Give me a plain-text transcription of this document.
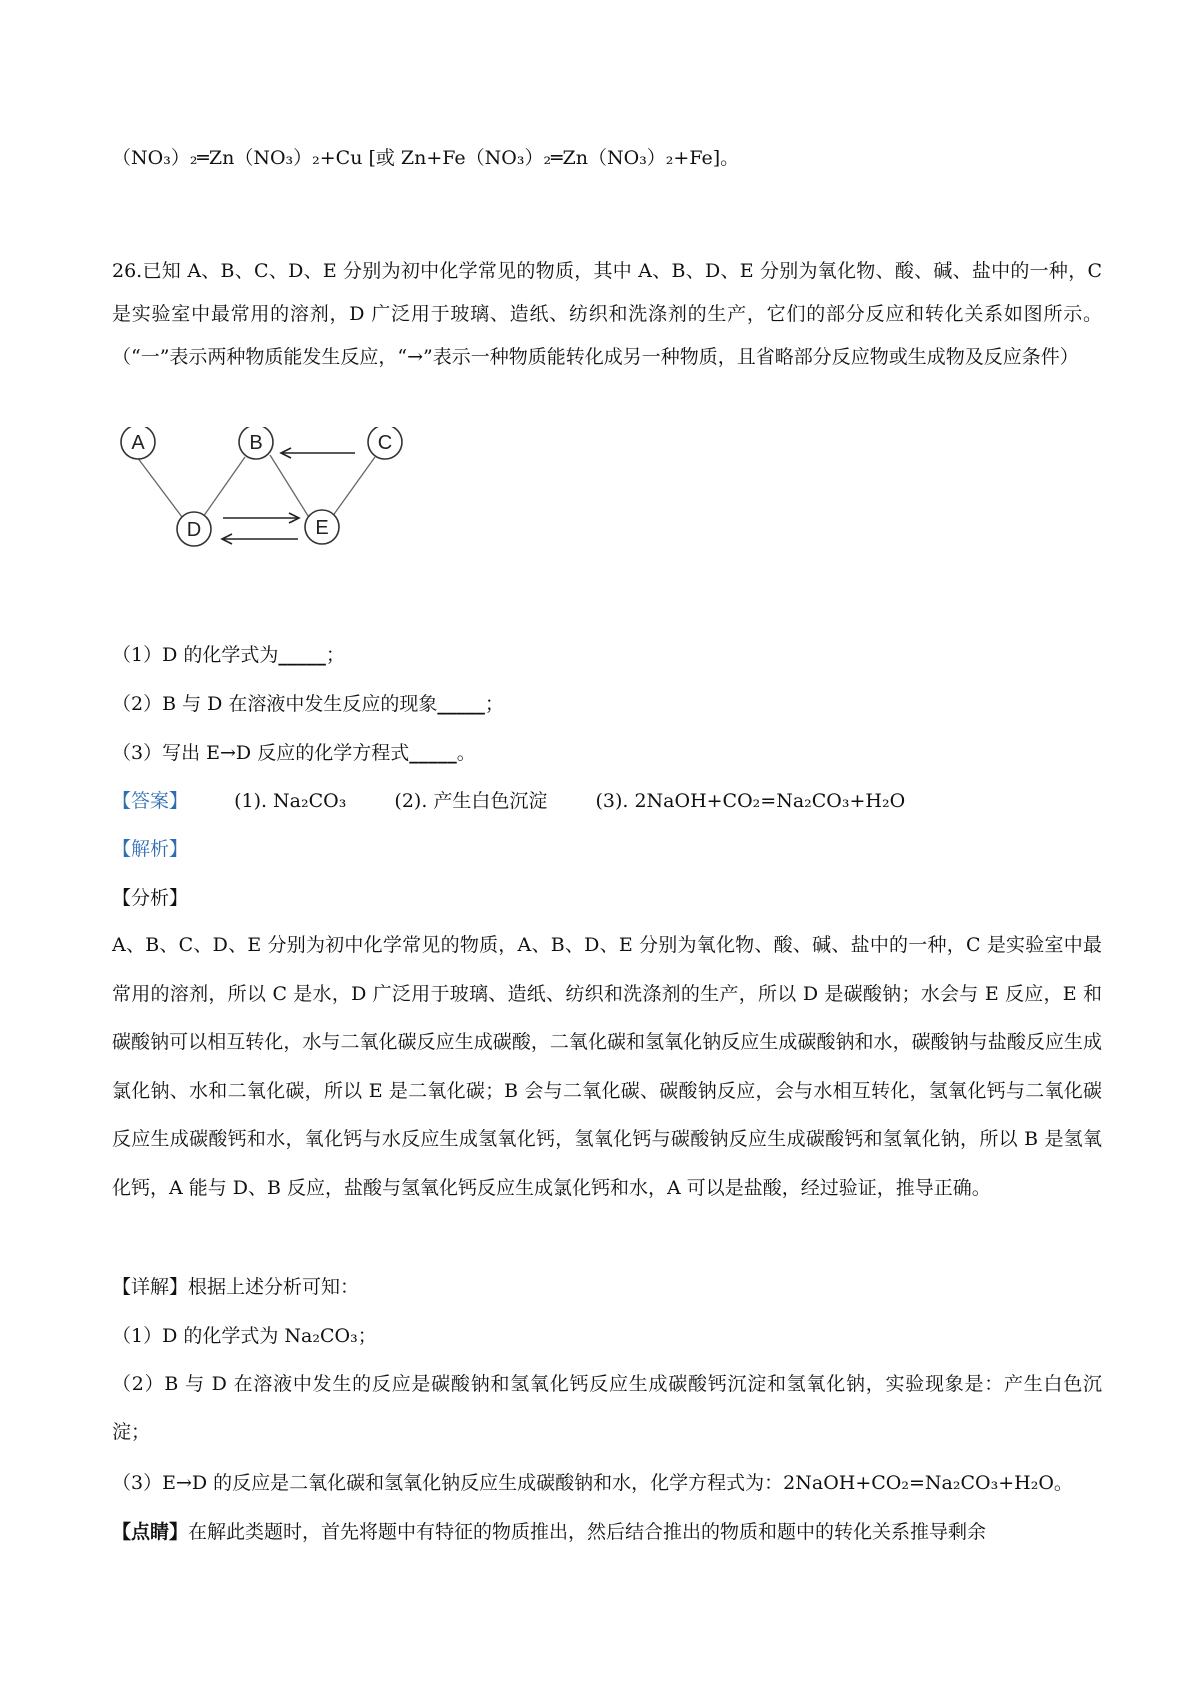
（NO₃）₂═Zn（NO₃）₂+Cu [或 Zn+Fe（NO₃）₂═Zn（NO₃）₂+Fe]。
26.已知 A、B、C、D、E 分别为初中化学常见的物质，其中 A、B、D、E 分别为氧化物、酸、碱、盐中的一种，C 是实验室中最常用的溶剂，D 广泛用于玻璃、造纸、纺织和洗涤剂的生产，它们的部分反应和转化关系如图所示。（“一”表示两种物质能发生反应，“→”表示一种物质能转化成另一种物质，且省略部分反应物或生成物及反应条件）
A	B	C
D	E
（1）D 的化学式为_____；
（2）B 与 D 在溶液中发生反应的现象_____；
（3）写出 E→D 反应的化学方程式_____。
【答案】 (1). Na₂CO₃	(2). 产生白色沉淀	(3). 2NaOH+CO₂=Na₂CO₃+H₂O
【解析】
【分析】
A、B、C、D、E 分别为初中化学常见的物质，A、B、D、E 分别为氧化物、酸、碱、盐中的一种，C 是实验室中最常用的溶剂，所以 C 是水，D 广泛用于玻璃、造纸、纺织和洗涤剂的生产，所以 D 是碳酸钠；水会与 E 反应，E 和碳酸钠可以相互转化，水与二氧化碳反应生成碳酸，二氧化碳和氢氧化钠反应生成碳酸钠和水，碳酸钠与盐酸反应生成氯化钠、水和二氧化碳，所以 E 是二氧化碳；B 会与二氧化碳、碳酸钠反应，会与水相互转化，氢氧化钙与二氧化碳反应生成碳酸钙和水，氧化钙与水反应生成氢氧化钙，氢氧化钙与碳酸钠反应生成碳酸钙和氢氧化钠，所以 B 是氢氧化钙，A 能与 D、B 反应，盐酸与氢氧化钙反应生成氯化钙和水，A 可以是盐酸，经过验证，推导正确。
【详解】根据上述分析可知：
（1）D 的化学式为 Na₂CO₃；
（2）B 与 D 在溶液中发生的反应是碳酸钠和氢氧化钙反应生成碳酸钙沉淀和氢氧化钠，实验现象是：产生白色沉淀；
（3）E→D 的反应是二氧化碳和氢氧化钠反应生成碳酸钠和水，化学方程式为：2NaOH+CO₂=Na₂CO₃+H₂O。
【点睛】在解此类题时，首先将题中有特征的物质推出，然后结合推出的物质和题中的转化关系推导剩余
